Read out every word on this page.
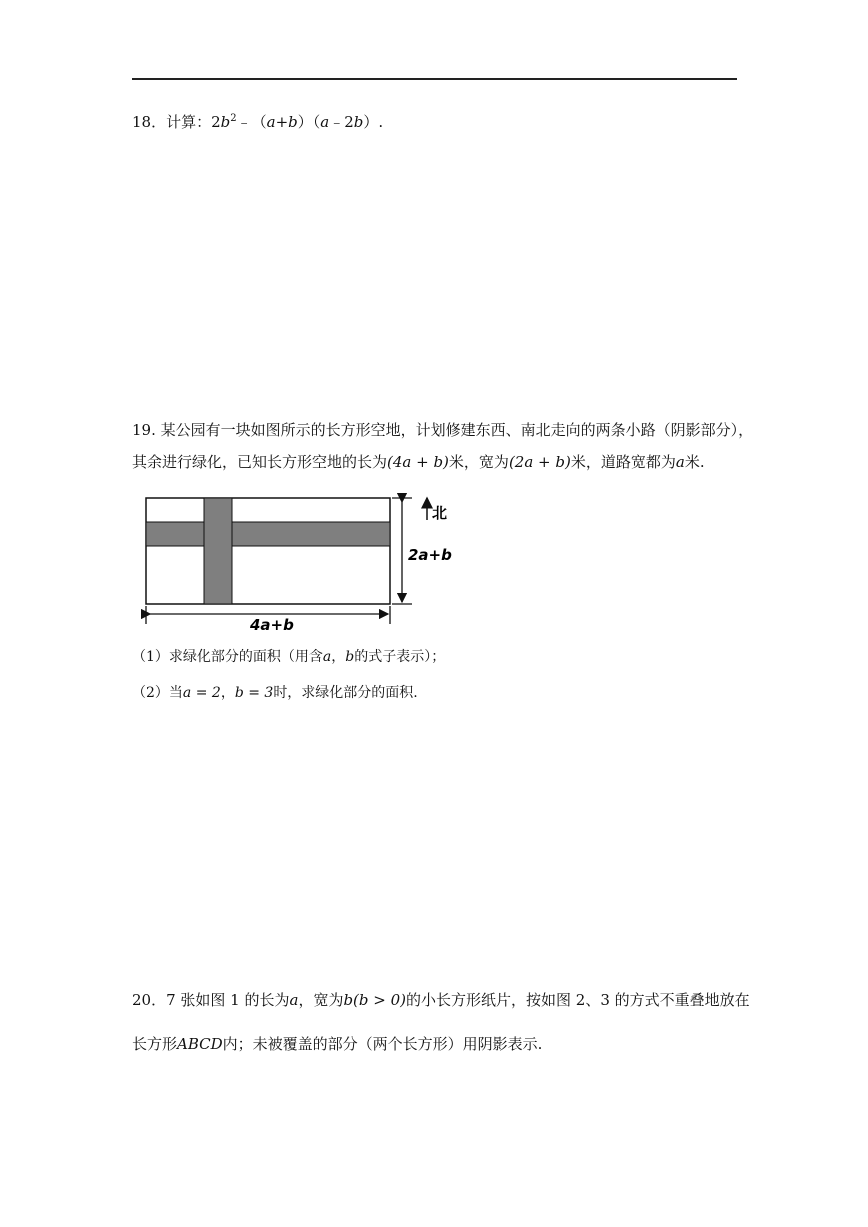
18．计算：$2b^2﹣(a+b)(a﹣2b)$.
19. 某公园有一块如图所示的长方形空地，计划修建东西、南北走向的两条小路（阴影部分），
其余进行绿化，已知长方形空地的长为(4a + b)米，宽为(2a + b)米，道路宽都为a米.
北
2a+b
4a+b
（1）求绿化部分的面积（用含a，b的式子表示）；
（2）当a = 2，b = 3时，求绿化部分的面积.
20．7 张如图 1 的长为a，宽为b(b > 0)的小长方形纸片，按如图 2、3 的方式不重叠地放在
长方形ABCD内；未被覆盖的部分（两个长方形）用阴影表示.
